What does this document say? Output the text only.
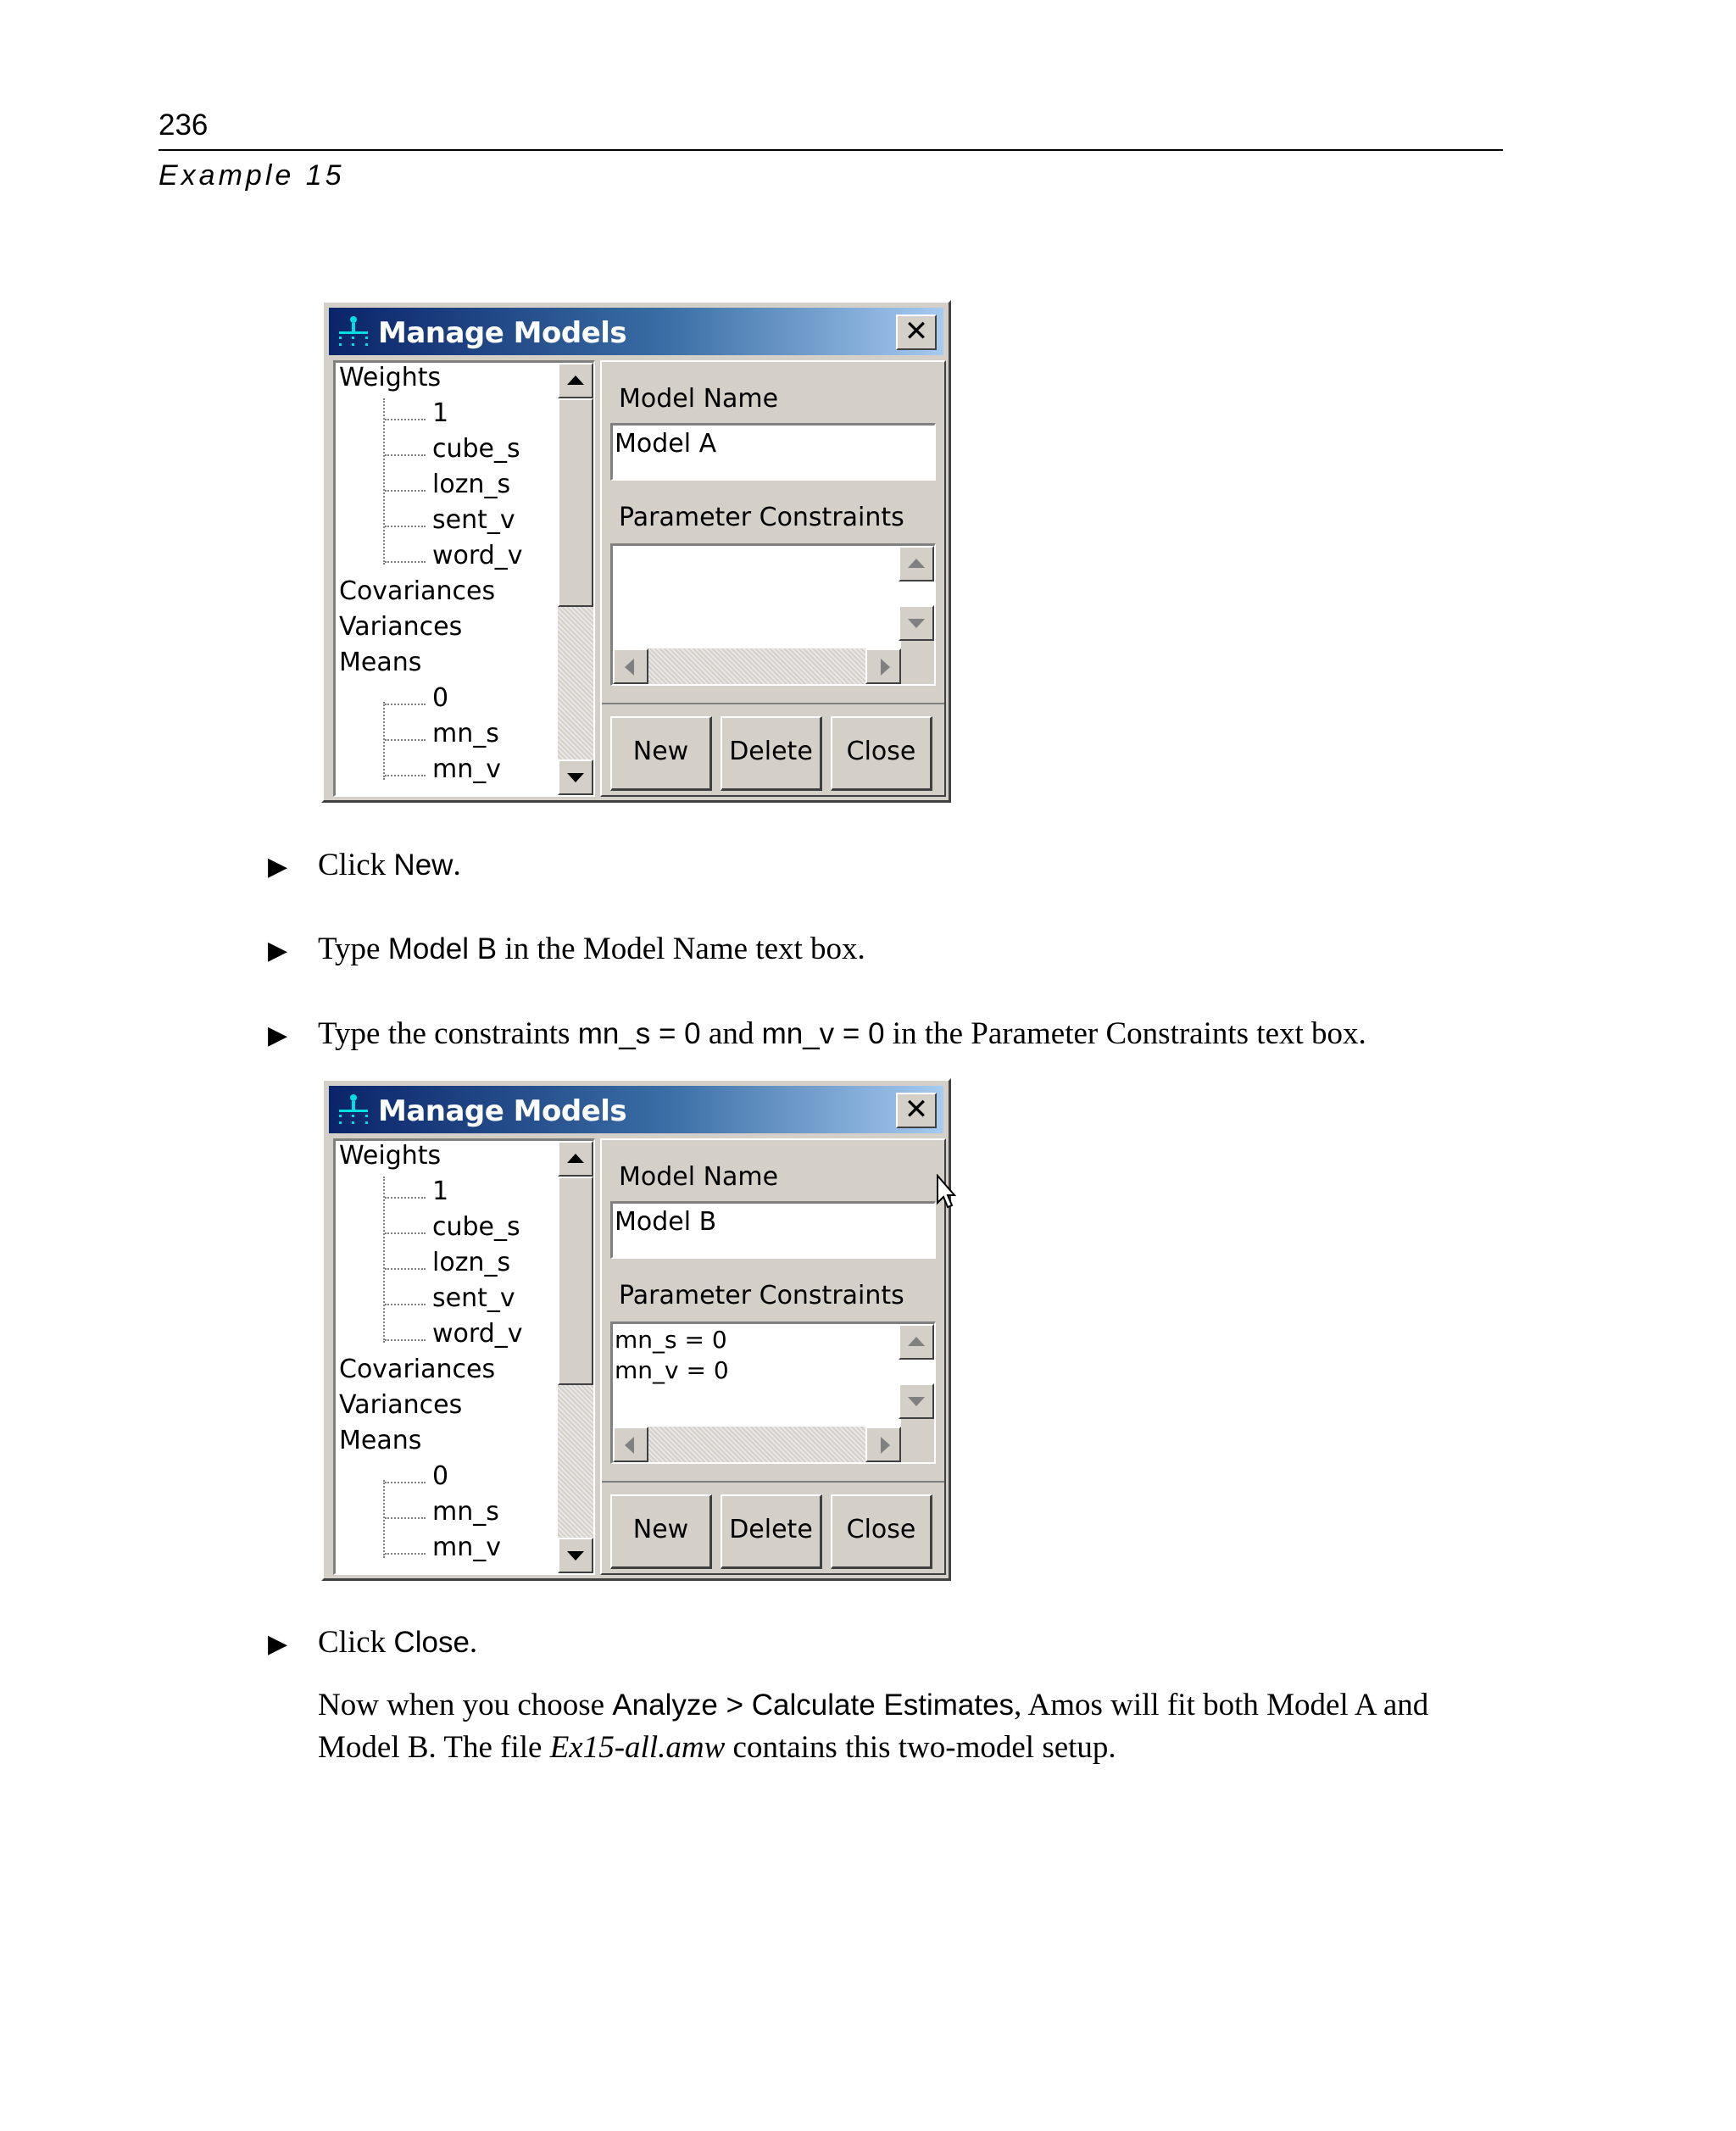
236
Example 15
Manage Models	✕
Weights
1
cube_s
lozn_s
sent_v
word_v
Covariances
Variances
Means
0
mn_s
mn_v
Model Name
Model A
Parameter Constraints
New	Delete	Close
▶ Click New.
▶ Type Model B in the Model Name text box.
▶ Type the constraints mn_s = 0 and mn_v = 0 in the Parameter Constraints text box.
Manage Models	✕
Weights
1
cube_s
lozn_s
sent_v
word_v
Covariances
Variances
Means
0
mn_s
mn_v
Model Name
Model B
Parameter Constraints
mn_s = 0
mn_v = 0
New	Delete	Close
▶ Click Close.
Now when you choose Analyze > Calculate Estimates, Amos will fit both Model A and
Model B. The file Ex15-all.amw contains this two-model setup.
